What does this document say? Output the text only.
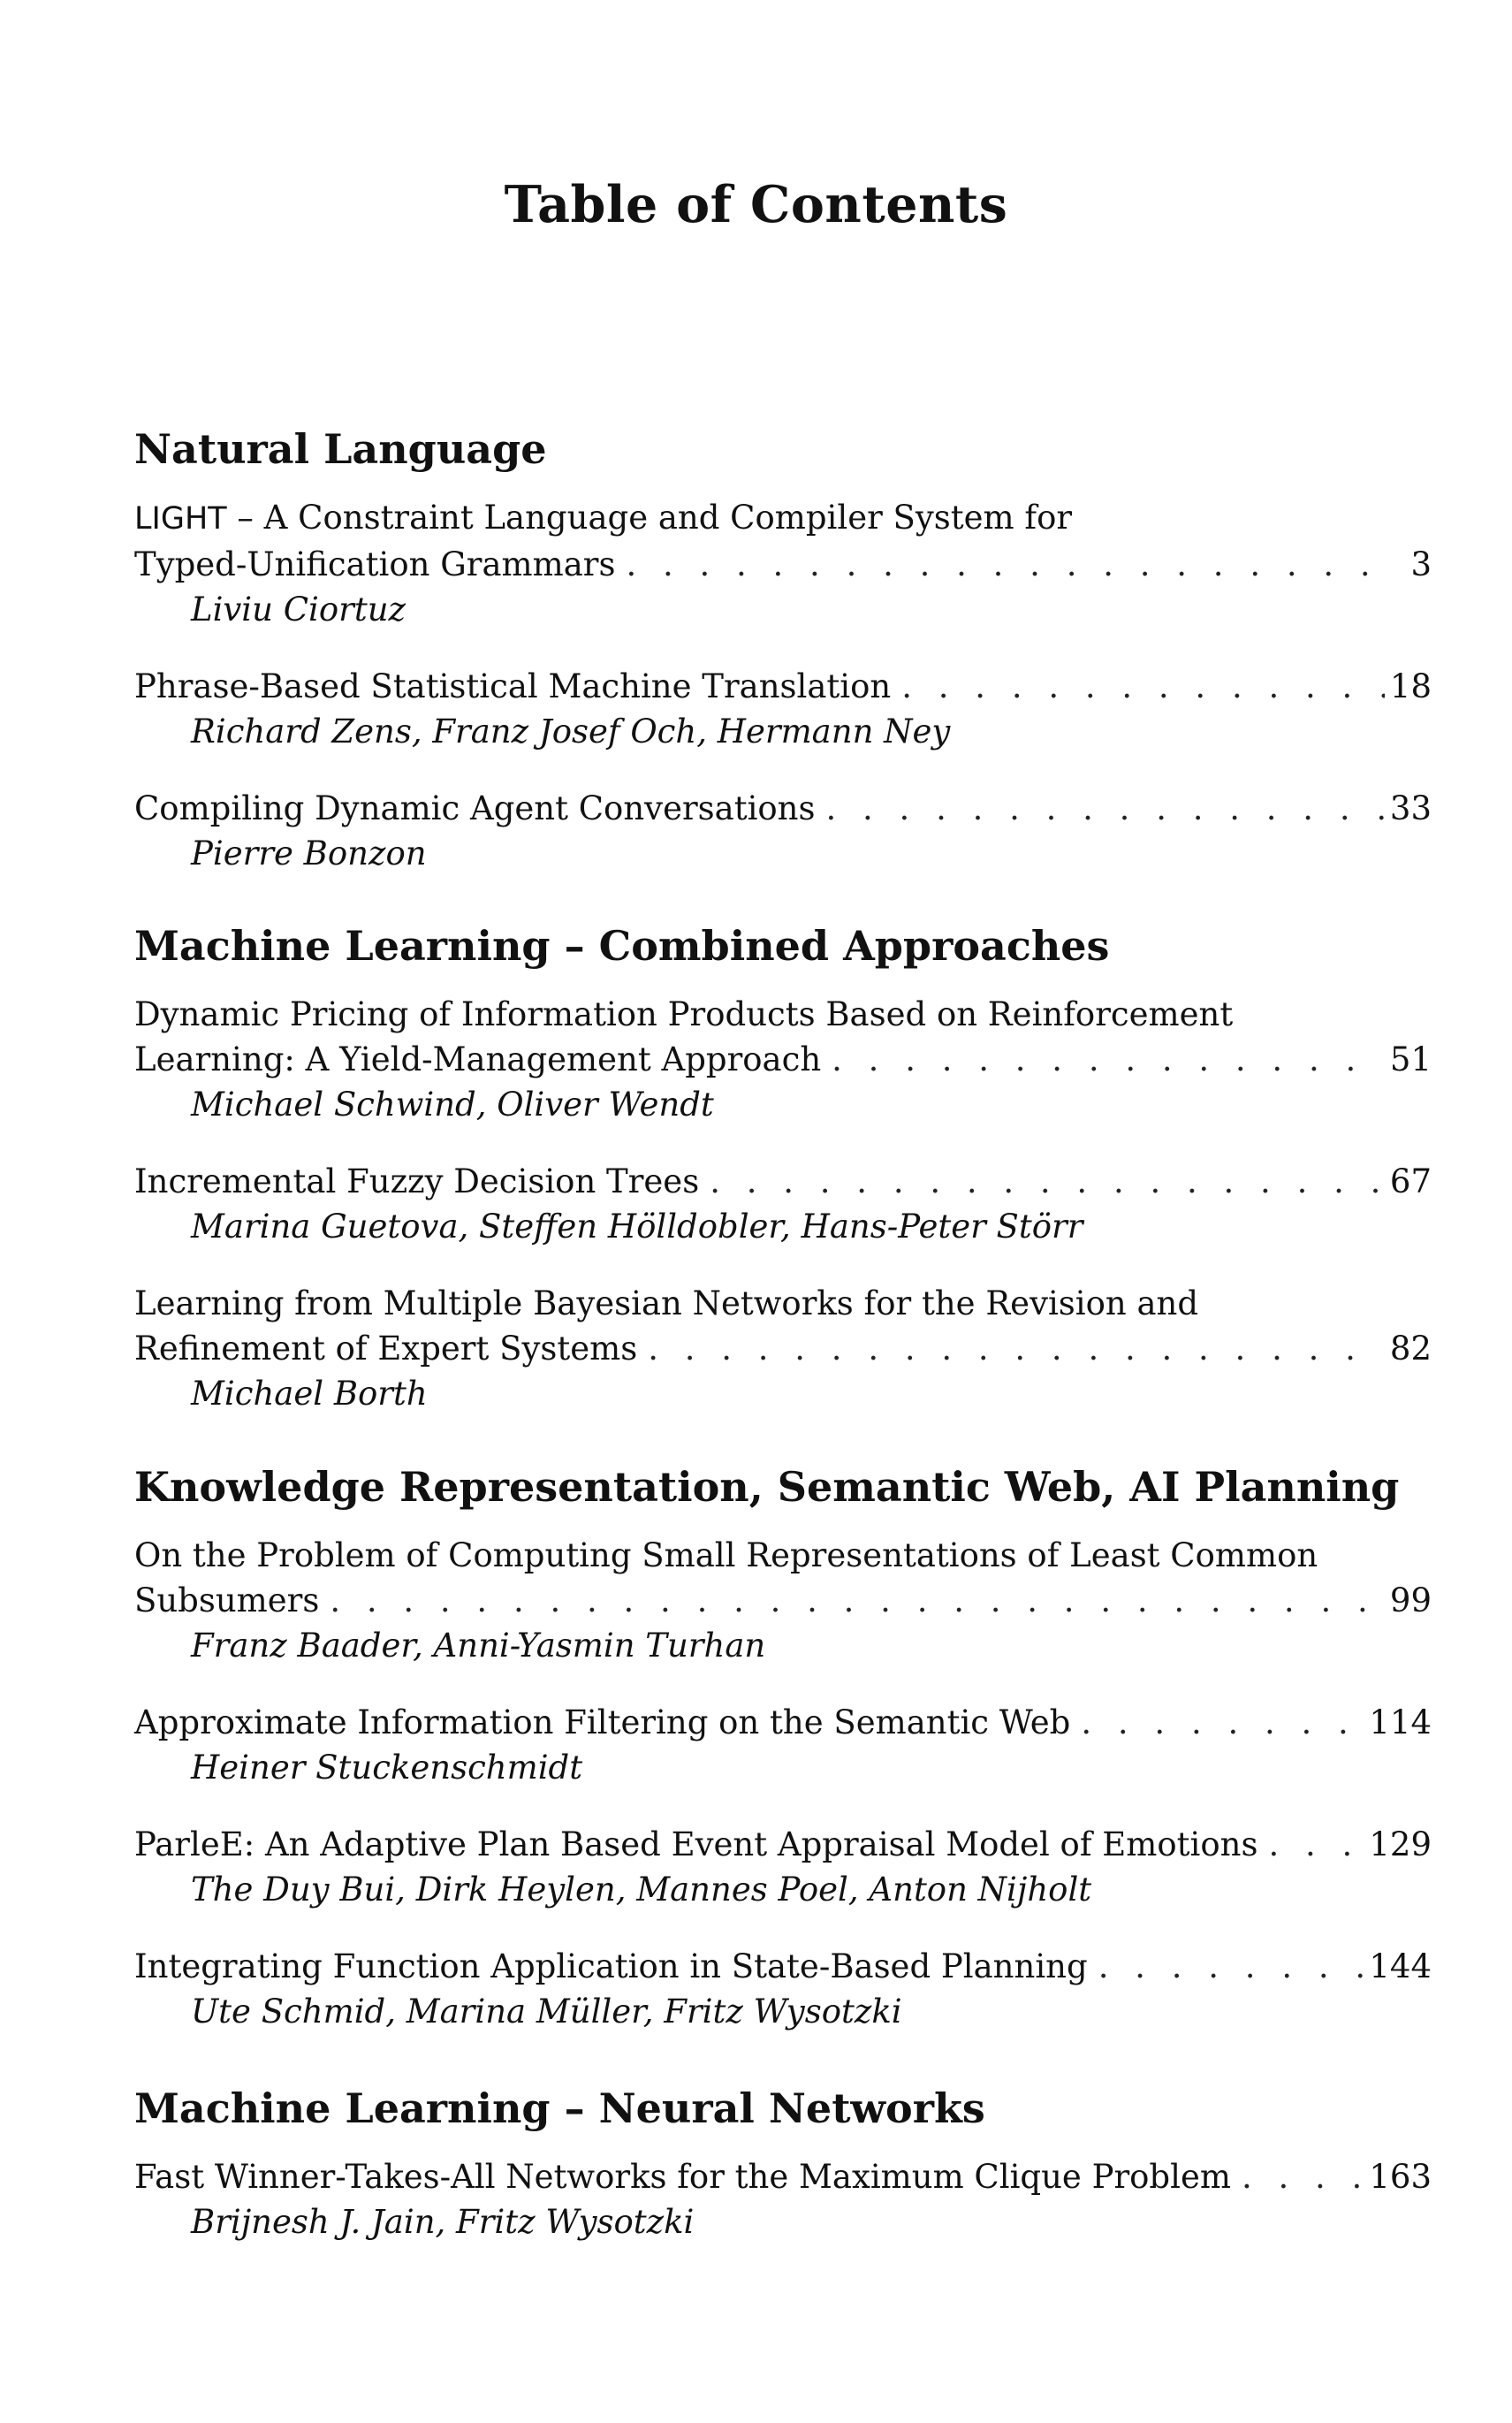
Table of Contents
Natural Language
LIGHT – A Constraint Language and Compiler System for
Typed-Unification Grammars . . .	3
Liviu Ciortuz
Phrase-Based Statistical Machine Translation . . .	18
Richard Zens, Franz Josef Och, Hermann Ney
Compiling Dynamic Agent Conversations . . .	33
Pierre Bonzon
Machine Learning – Combined Approaches
Dynamic Pricing of Information Products Based on Reinforcement
Learning: A Yield-Management Approach . . .	51
Michael Schwind, Oliver Wendt
Incremental Fuzzy Decision Trees . . .	67
Marina Guetova, Steffen Hölldobler, Hans-Peter Störr
Learning from Multiple Bayesian Networks for the Revision and
Refinement of Expert Systems . . .	82
Michael Borth
Knowledge Representation, Semantic Web, AI Planning
On the Problem of Computing Small Representations of Least Common
Subsumers . . .	99
Franz Baader, Anni-Yasmin Turhan
Approximate Information Filtering on the Semantic Web . . .	114
Heiner Stuckenschmidt
ParleE: An Adaptive Plan Based Event Appraisal Model of Emotions . . .	129
The Duy Bui, Dirk Heylen, Mannes Poel, Anton Nijholt
Integrating Function Application in State-Based Planning . . .	144
Ute Schmid, Marina Müller, Fritz Wysotzki
Machine Learning – Neural Networks
Fast Winner-Takes-All Networks for the Maximum Clique Problem . . .	163
Brijnesh J. Jain, Fritz Wysotzki
